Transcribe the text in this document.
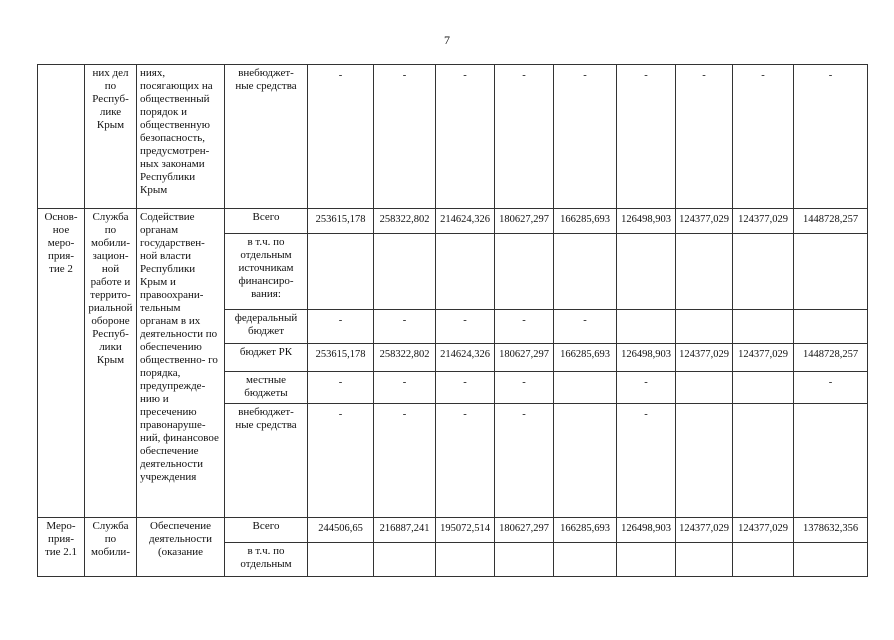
7
	них дел по Респуб- лике Крым	ниях, посягающих на общественный порядок и общественную безопасность, предусмотрен- ных законами Республики Крым	внебюджет- ные средства	-	-	-	-	-	-	-	-	-
Основ- ное меро- прия- тие 2	Служба по мобили- зацион- ной работе и террито- риальной обороне Респуб- лики Крым	Содействие органам государствен- ной власти Республики Крым и правоохрани- тельным органам в их деятельности по обеспечению общественно- го порядка, предупрежде- нию и пресечению правонаруше- ний, финансовое обеспечение деятельности учреждения	Всего	253615,178	258322,802	214624,326	180627,297	166285,693	126498,903	124377,029	124377,029	1448728,257
			в т.ч. по отдельным источникам финансиро- вания:									
			федеральный бюджет	-	-	-	-	-				
			бюджет РК	253615,178	258322,802	214624,326	180627,297	166285,693	126498,903	124377,029	124377,029	1448728,257
			местные бюджеты	-	-	-	-		-			-
			внебюджет- ные средства	-	-	-	-		-			
Меро- прия- тие 2.1	Служба по мобили-	Обеспечение деятельности (оказание	Всего	244506,65	216887,241	195072,514	180627,297	166285,693	126498,903	124377,029	124377,029	1378632,356
			в т.ч. по отдельным									
